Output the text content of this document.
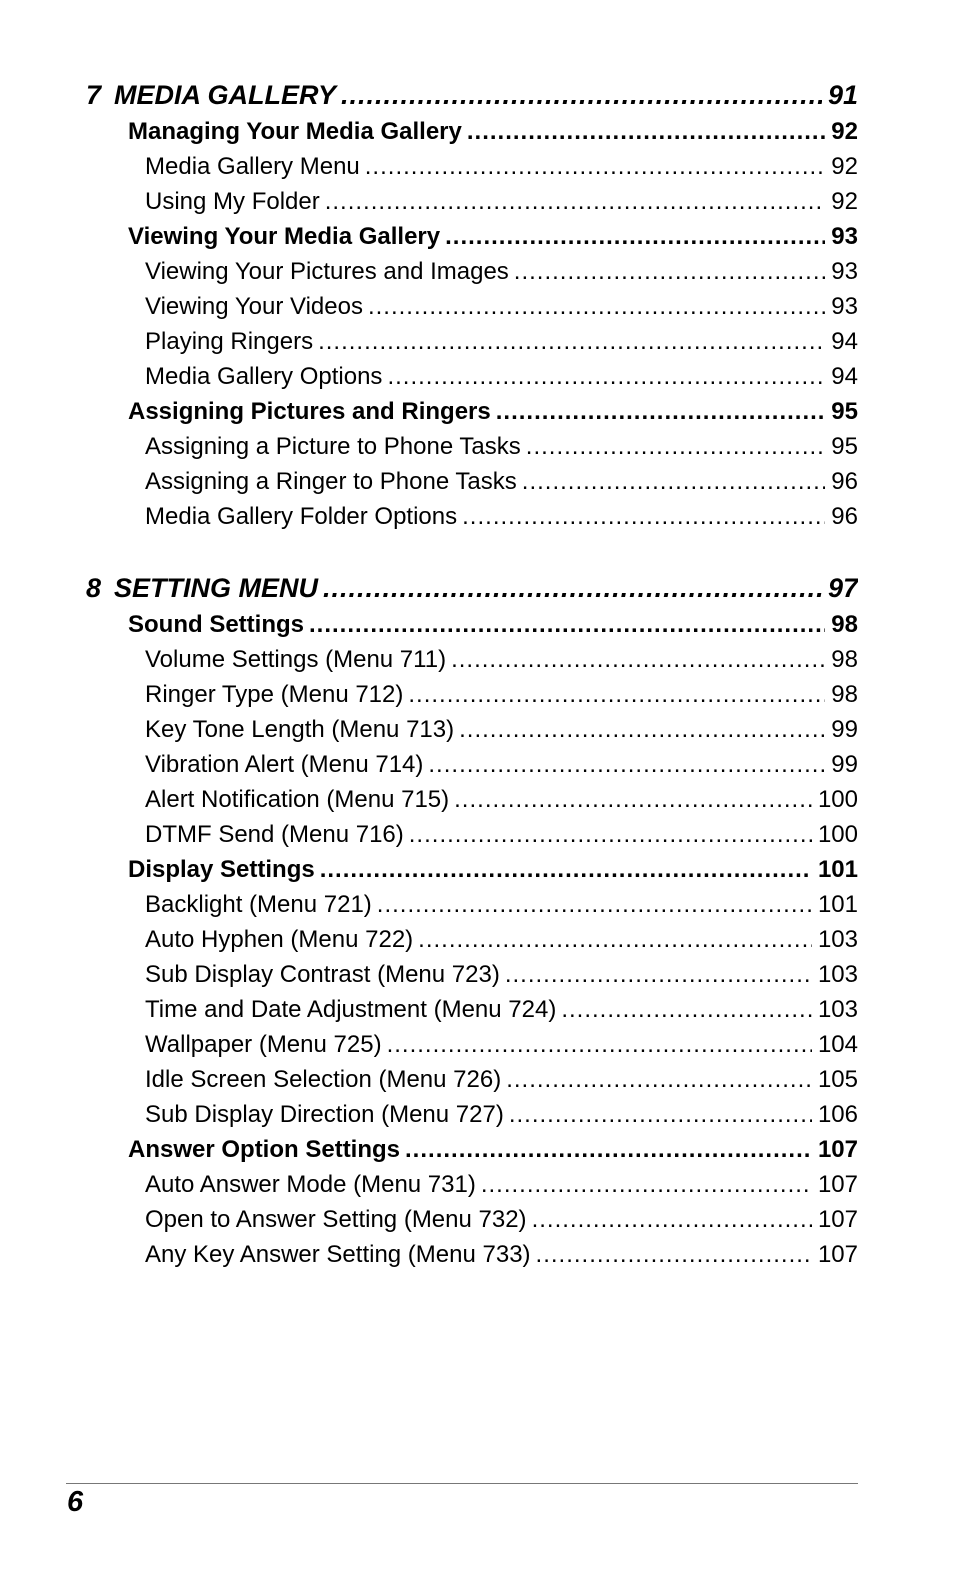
7 MEDIA GALLERY .....	91
Managing Your Media Gallery .....	92
Media Gallery Menu .....	92
Using My Folder .....	92
Viewing Your Media Gallery .....	93
Viewing Your Pictures and Images .....	93
Viewing Your Videos .....	93
Playing Ringers .....	94
Media Gallery Options .....	94
Assigning Pictures and Ringers .....	95
Assigning a Picture to Phone Tasks .....	95
Assigning a Ringer to Phone Tasks .....	96
Media Gallery Folder Options .....	96
8 SETTING MENU .....	97
Sound Settings .....	98
Volume Settings (Menu 711) .....	98
Ringer Type (Menu 712) .....	98
Key Tone Length (Menu 713) .....	99
Vibration Alert (Menu 714) .....	99
Alert Notification (Menu 715) .....	100
DTMF Send (Menu 716) .....	100
Display Settings .....	101
Backlight (Menu 721) .....	101
Auto Hyphen (Menu 722) .....	103
Sub Display Contrast (Menu 723) .....	103
Time and Date Adjustment (Menu 724) .....	103
Wallpaper (Menu 725) .....	104
Idle Screen Selection (Menu 726) .....	105
Sub Display Direction (Menu 727) .....	106
Answer Option Settings .....	107
Auto Answer Mode (Menu 731) .....	107
Open to Answer Setting (Menu 732) .....	107
Any Key Answer Setting (Menu 733) .....	107
6
